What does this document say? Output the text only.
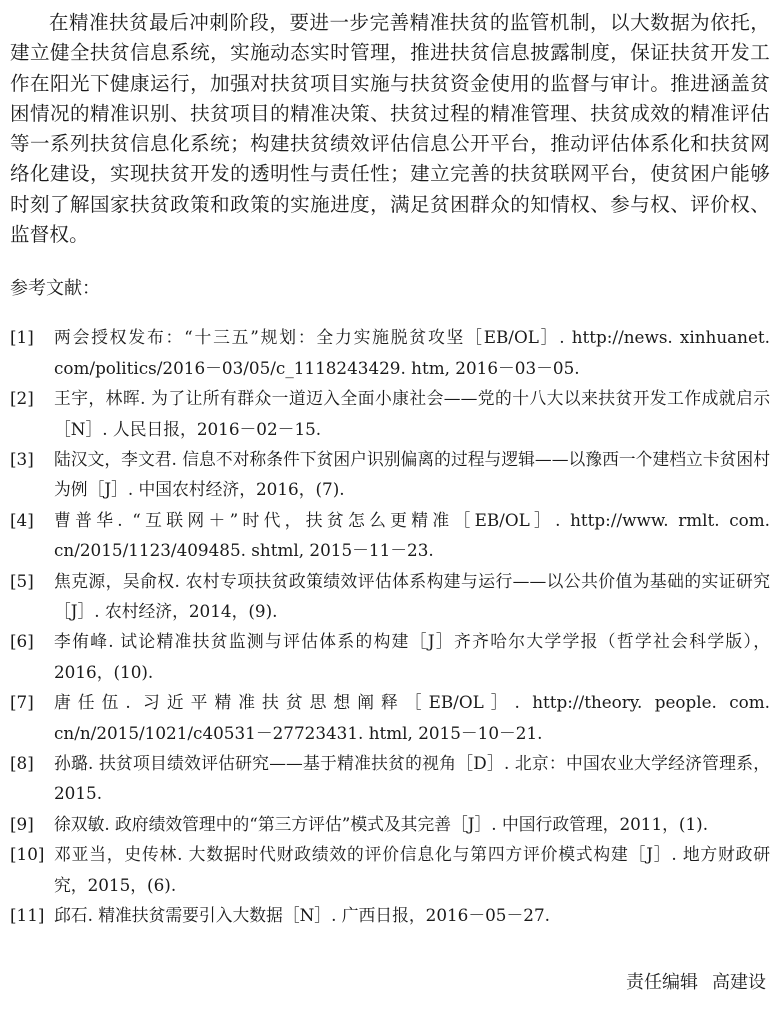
在精准扶贫最后冲刺阶段，要进一步完善精准扶贫的监管机制，以大数据为依托，建立健全扶贫信息系统，实施动态实时管理，推进扶贫信息披露制度，保证扶贫开发工作在阳光下健康运行，加强对扶贫项目实施与扶贫资金使用的监督与审计。推进涵盖贫困情况的精准识别、扶贫项目的精准决策、扶贫过程的精准管理、扶贫成效的精准评估等一系列扶贫信息化系统；构建扶贫绩效评估信息公开平台，推动评估体系化和扶贫网络化建设，实现扶贫开发的透明性与责任性；建立完善的扶贫联网平台，使贫困户能够时刻了解国家扶贫政策和政策的实施进度，满足贫困群众的知情权、参与权、评价权、监督权。

参考文献：
[1]	两会授权发布：“十三五”规划：全力实施脱贫攻坚［EB/OL］. http://news. xinhuanet. com/politics/2016－03/05/c_1118243429. htm, 2016－03－05.
[2]	王宇，林晖. 为了让所有群众一道迈入全面小康社会——党的十八大以来扶贫开发工作成就启示［N］. 人民日报，2016－02－15.
[3]	陆汉文，李文君. 信息不对称条件下贫困户识别偏离的过程与逻辑——以豫西一个建档立卡贫困村为例［J］. 中国农村经济，2016，(7).
[4]	曹普华. “互联网＋”时代，扶贫怎么更精准［EB/OL］. http://www. rmlt. com. cn/2015/1123/409485. shtml, 2015－11－23.
[5]	焦克源，吴俞权. 农村专项扶贫政策绩效评估体系构建与运行——以公共价值为基础的实证研究［J］. 农村经济，2014，(9).
[6]	李侑峰. 试论精准扶贫监测与评估体系的构建［J］齐齐哈尔大学学报（哲学社会科学版），2016，(10).
[7]	唐任伍. 习近平精准扶贫思想阐释［EB/OL］. http://theory. people. com. cn/n/2015/1021/c40531－27723431. html, 2015－10－21.
[8]	孙璐. 扶贫项目绩效评估研究——基于精准扶贫的视角［D］. 北京：中国农业大学经济管理系，2015.
[9]	徐双敏. 政府绩效管理中的“第三方评估”模式及其完善［J］. 中国行政管理，2011，(1).
[10] 邓亚当，史传林. 大数据时代财政绩效的评价信息化与第四方评价模式构建［J］. 地方财政研究，2015，(6).
[11] 邱石. 精准扶贫需要引入大数据［N］. 广西日报，2016－05－27.
责任编辑 高建设
